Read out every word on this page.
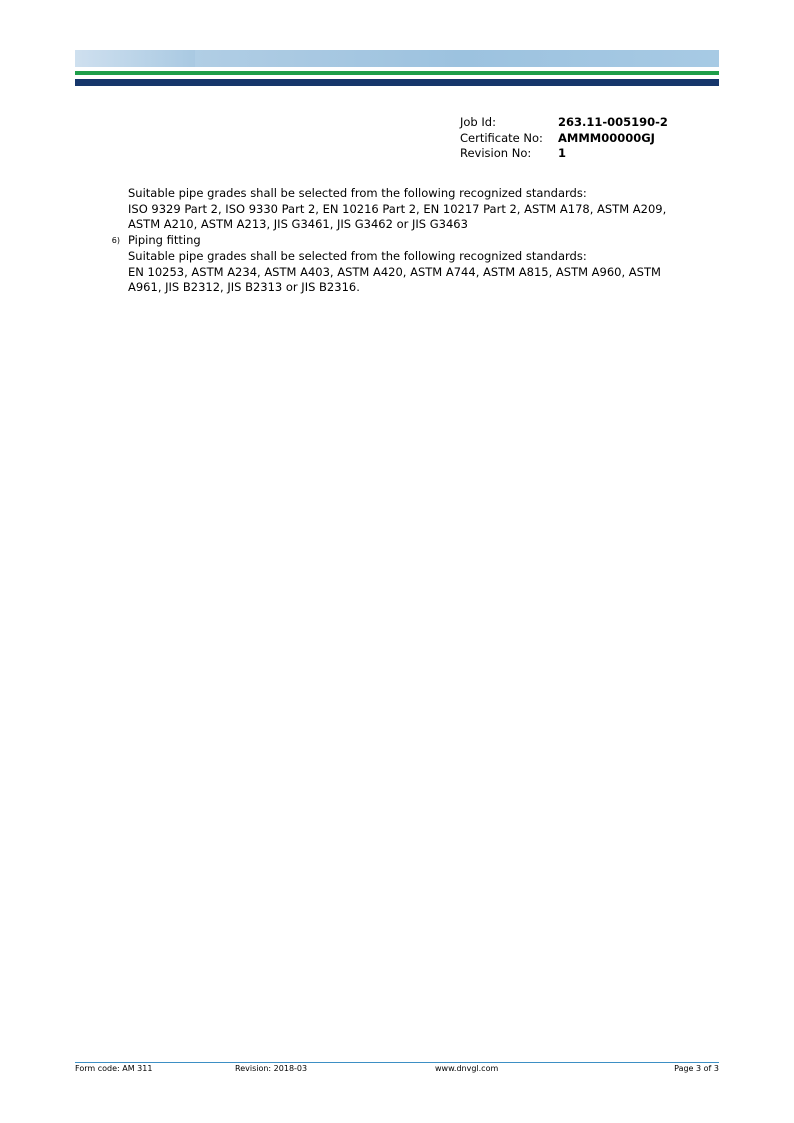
Job Id:	263.11-005190-2
Certificate No:	AMMM00000GJ
Revision No:	1
Suitable pipe grades shall be selected from the following recognized standards:
ISO 9329 Part 2, ISO 9330 Part 2, EN 10216 Part 2, EN 10217 Part 2, ASTM A178, ASTM A209,
ASTM A210, ASTM A213, JIS G3461, JIS G3462 or JIS G3463
6) Piping fitting
Suitable pipe grades shall be selected from the following recognized standards:
EN 10253, ASTM A234, ASTM A403, ASTM A420, ASTM A744, ASTM A815, ASTM A960, ASTM
A961, JIS B2312, JIS B2313 or JIS B2316.
Form code: AM 311	Revision: 2018-03	www.dnvgl.com	Page 3 of 3
